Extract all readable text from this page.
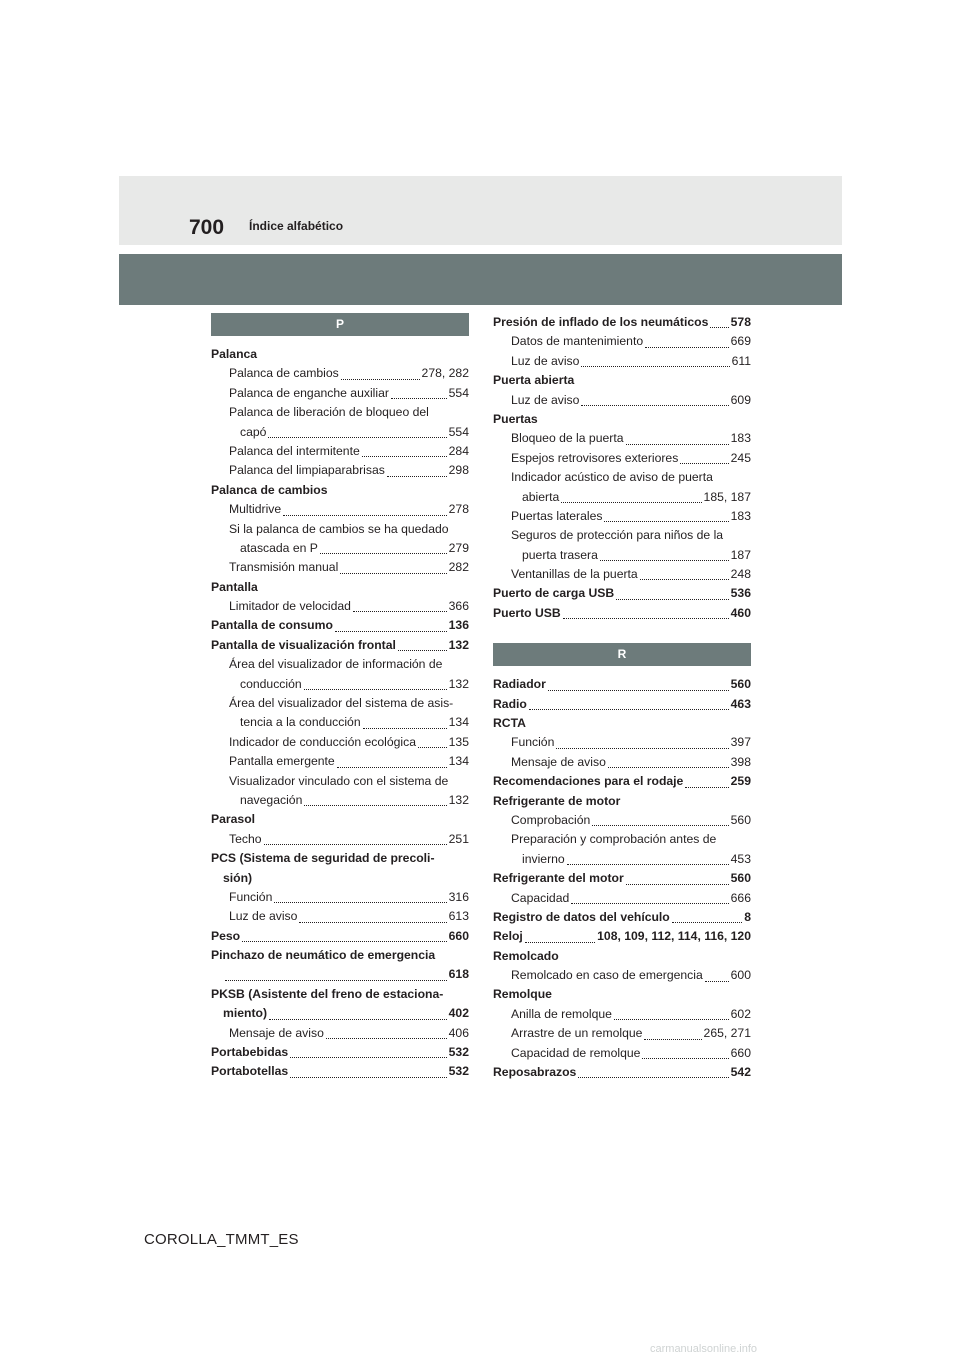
700 Índice alfabético
P
Palanca
Palanca de cambios	278, 282
Palanca de enganche auxiliar	554
Palanca de liberación de bloqueo del
capó	554
Palanca del intermitente	284
Palanca del limpiaparabrisas	298
Palanca de cambios
Multidrive	278
Si la palanca de cambios se ha quedado
atascada en P	279
Transmisión manual	282
Pantalla
Limitador de velocidad	366
Pantalla de consumo	136
Pantalla de visualización frontal	132
Área del visualizador de información de
conducción	132
Área del visualizador del sistema de asis-
tencia a la conducción	134
Indicador de conducción ecológica	135
Pantalla emergente	134
Visualizador vinculado con el sistema de
navegación	132
Parasol
Techo	251
PCS (Sistema de seguridad de precoli-
sión)
Función	316
Luz de aviso	613
Peso	660
Pinchazo de neumático de emergencia
618
PKSB (Asistente del freno de estaciona-
miento)	402
Mensaje de aviso	406
Portabebidas	532
Portabotellas	532
Presión de inflado de los neumáticos 578
Datos de mantenimiento	669
Luz de aviso	611
Puerta abierta
Luz de aviso	609
Puertas
Bloqueo de la puerta	183
Espejos retrovisores exteriores	245
Indicador acústico de aviso de puerta
abierta	185, 187
Puertas laterales	183
Seguros de protección para niños de la
puerta trasera	187
Ventanillas de la puerta	248
Puerto de carga USB	536
Puerto USB	460
R
Radiador	560
Radio	463
RCTA
Función	397
Mensaje de aviso	398
Recomendaciones para el rodaje	259
Refrigerante de motor
Comprobación	560
Preparación y comprobación antes de
invierno	453
Refrigerante del motor	560
Capacidad	666
Registro de datos del vehículo	8
Reloj	108, 109, 112, 114, 116, 120
Remolcado
Remolcado en caso de emergencia 600
Remolque
Anilla de remolque	602
Arrastre de un remolque	265, 271
Capacidad de remolque	660
Reposabrazos	542
COROLLA_TMMT_ES
carmanualsonline.info
